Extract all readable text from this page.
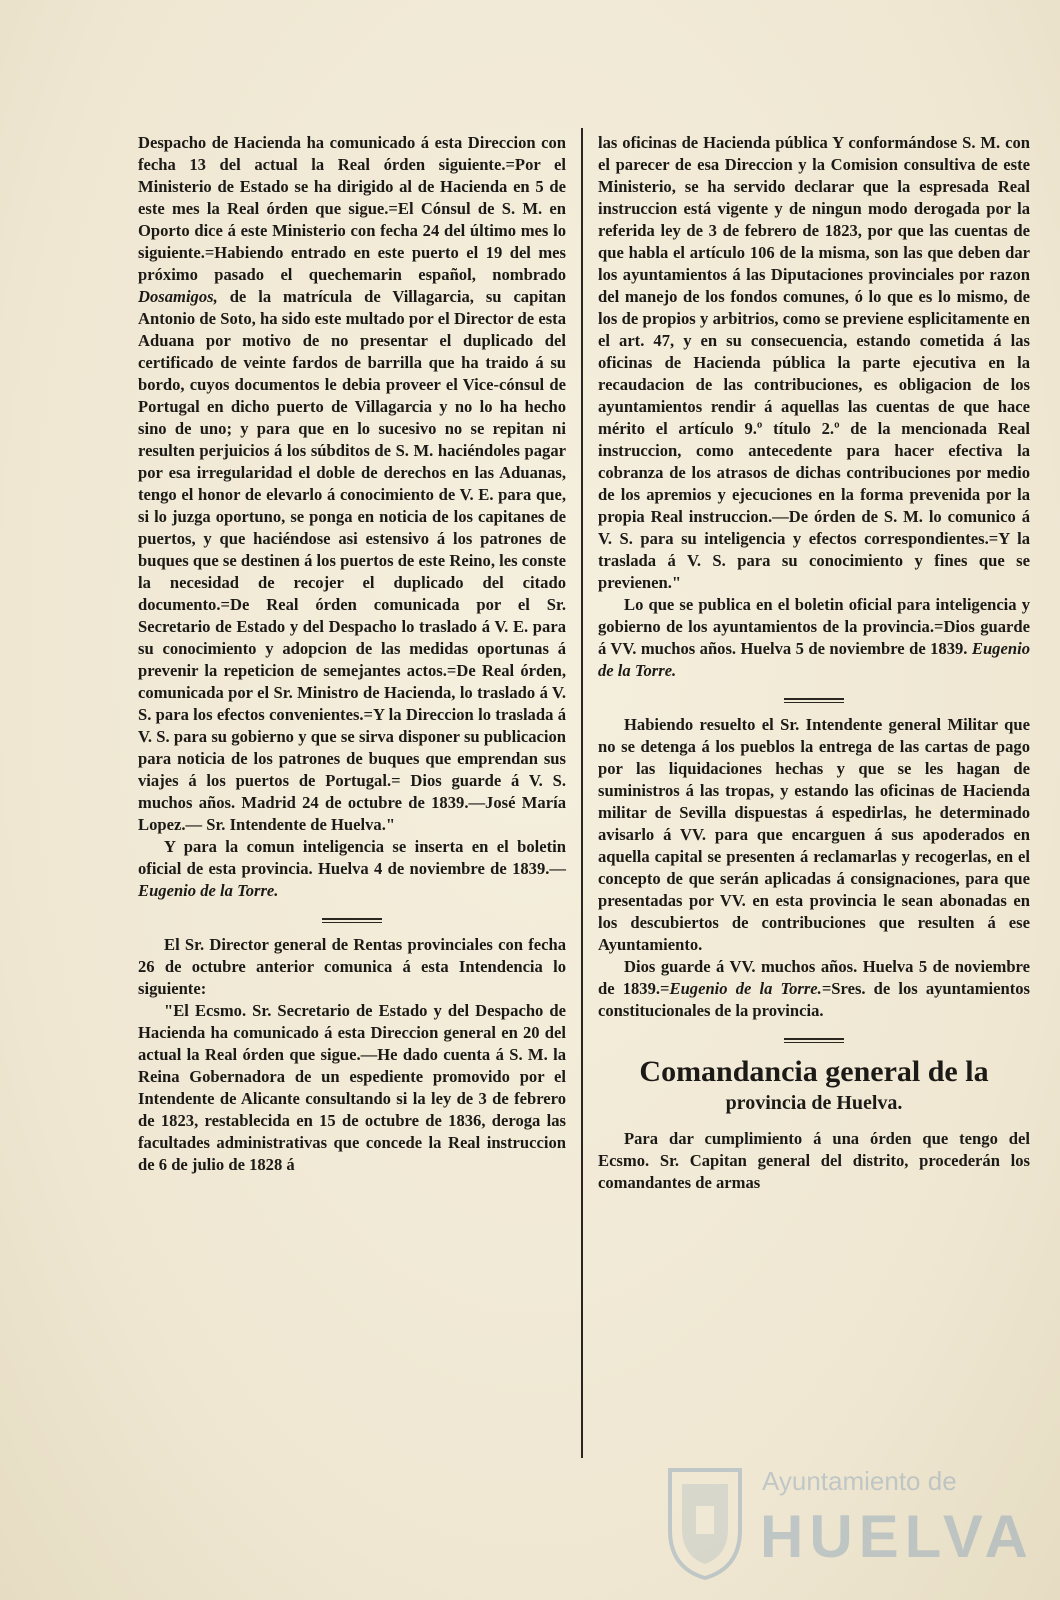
Despacho de Hacienda ha comunicado á esta Direccion con fecha 13 del actual la Real órden siguiente.=Por el Ministerio de Estado se ha dirigido al de Hacienda en 5 de este mes la Real órden que sigue.=El Cónsul de S. M. en Oporto dice á este Ministerio con fecha 24 del último mes lo siguiente.=Habiendo entrado en este puerto el 19 del mes próximo pasado el quechemarin español, nombrado Dosamigos, de la matrícula de Villagarcia, su capitan Antonio de Soto, ha sido este multado por el Director de esta Aduana por motivo de no presentar el duplicado del certificado de veinte fardos de barrilla que ha traido á su bordo, cuyos documentos le debia proveer el Vice-cónsul de Portugal en dicho puerto de Villagarcia y no lo ha hecho sino de uno; y para que en lo sucesivo no se repitan ni resulten perjuicios á los súbditos de S. M. haciéndoles pagar por esa irregularidad el doble de derechos en las Aduanas, tengo el honor de elevarlo á conocimiento de V. E. para que, si lo juzga oportuno, se ponga en noticia de los capitanes de puertos, y que haciéndose asi estensivo á los patrones de buques que se destinen á los puertos de este Reino, les conste la necesidad de recojer el duplicado del citado documento.=De Real órden comunicada por el Sr. Secretario de Estado y del Despacho lo traslado á V. E. para su conocimiento y adopcion de las medidas oportunas á prevenir la repeticion de semejantes actos.=De Real órden, comunicada por el Sr. Ministro de Hacienda, lo traslado á V. S. para los efectos convenientes.=Y la Direccion lo traslada á V. S. para su gobierno y que se sirva disponer su publicacion para noticia de los patrones de buques que emprendan sus viajes á los puertos de Portugal.= Dios guarde á V. S. muchos años. Madrid 24 de octubre de 1839.—José María Lopez.— Sr. Intendente de Huelva."

Y para la comun inteligencia se inserta en el boletin oficial de esta provincia. Huelva 4 de noviembre de 1839.—Eugenio de la Torre.

El Sr. Director general de Rentas provinciales con fecha 26 de octubre anterior comunica á esta Intendencia lo siguiente:

"El Ecsmo. Sr. Secretario de Estado y del Despacho de Hacienda ha comunicado á esta Direccion general en 20 del actual la Real órden que sigue.—He dado cuenta á S. M. la Reina Gobernadora de un espediente promovido por el Intendente de Alicante consultando si la ley de 3 de febrero de 1823, restablecida en 15 de octubre de 1836, deroga las facultades administrativas que concede la Real instruccion de 6 de julio de 1828 á

las oficinas de Hacienda pública Y conformándose S. M. con el parecer de esa Direccion y la Comision consultiva de este Ministerio, se ha servido declarar que la espresada Real instruccion está vigente y de ningun modo derogada por la referida ley de 3 de febrero de 1823, por que las cuentas de que habla el artículo 106 de la misma, son las que deben dar los ayuntamientos á las Diputaciones provinciales por razon del manejo de los fondos comunes, ó lo que es lo mismo, de los de propios y arbitrios, como se previene esplicitamente en el art. 47, y en su consecuencia, estando cometida á las oficinas de Hacienda pública la parte ejecutiva en la recaudacion de las contribuciones, es obligacion de los ayuntamientos rendir á aquellas las cuentas de que hace mérito el artículo 9.º título 2.º de la mencionada Real instruccion, como antecedente para hacer efectiva la cobranza de los atrasos de dichas contribuciones por medio de los apremios y ejecuciones en la forma prevenida por la propia Real instruccion.—De órden de S. M. lo comunico á V. S. para su inteligencia y efectos correspondientes.=Y la traslada á V. S. para su conocimiento y fines que se previenen."

Lo que se publica en el boletin oficial para inteligencia y gobierno de los ayuntamientos de la provincia.=Dios guarde á VV. muchos años. Huelva 5 de noviembre de 1839. Eugenio de la Torre.

Habiendo resuelto el Sr. Intendente general Militar que no se detenga á los pueblos la entrega de las cartas de pago por las liquidaciones hechas y que se les hagan de suministros á las tropas, y estando las oficinas de Hacienda militar de Sevilla dispuestas á espedirlas, he determinado avisarlo á VV. para que encarguen á sus apoderados en aquella capital se presenten á reclamarlas y recogerlas, en el concepto de que serán aplicadas á consignaciones, para que presentadas por VV. en esta provincia le sean abonadas en los descubiertos de contribuciones que resulten á ese Ayuntamiento.

Dios guarde á VV. muchos años. Huelva 5 de noviembre de 1839.=Eugenio de la Torre.=Sres. de los ayuntamientos constitucionales de la provincia.

Comandancia general de la
provincia de Huelva.

Para dar cumplimiento á una órden que tengo del Ecsmo. Sr. Capitan general del distrito, procederán los comandantes de armas

Ayuntamiento de
HUELVA
